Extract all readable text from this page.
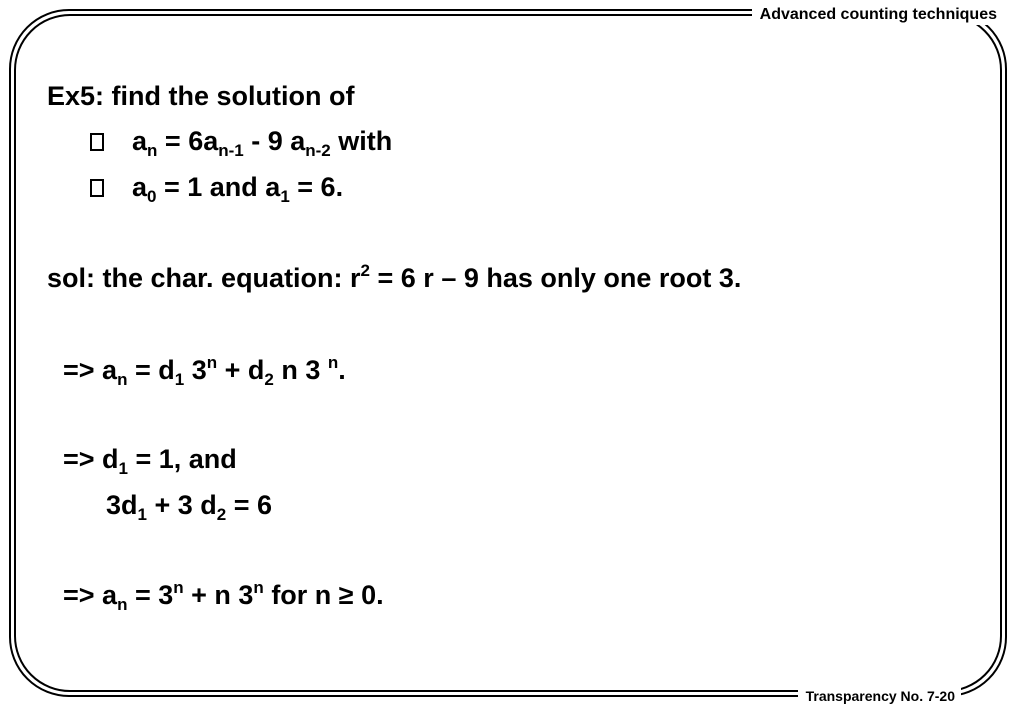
Advanced counting techniques
Ex5: find the solution of
$a_n = 6a_{n-1} - 9$ $a_{n-2}$ with
$a_0 = 1$ and $a_1 = 6$.
sol: the char. equation: $r^2 = 6$ r – 9 has only one root 3.
=> $a_n = d_1$ $3^n + d_2$ n 3 $^n$.
=> $d_1 = 1$, and
$3d_1 + 3$ $d_2 = 6$
=> $a_n = 3^n + n$ 3$^n$ for n ≥ 0.
Transparency No. 7-20
